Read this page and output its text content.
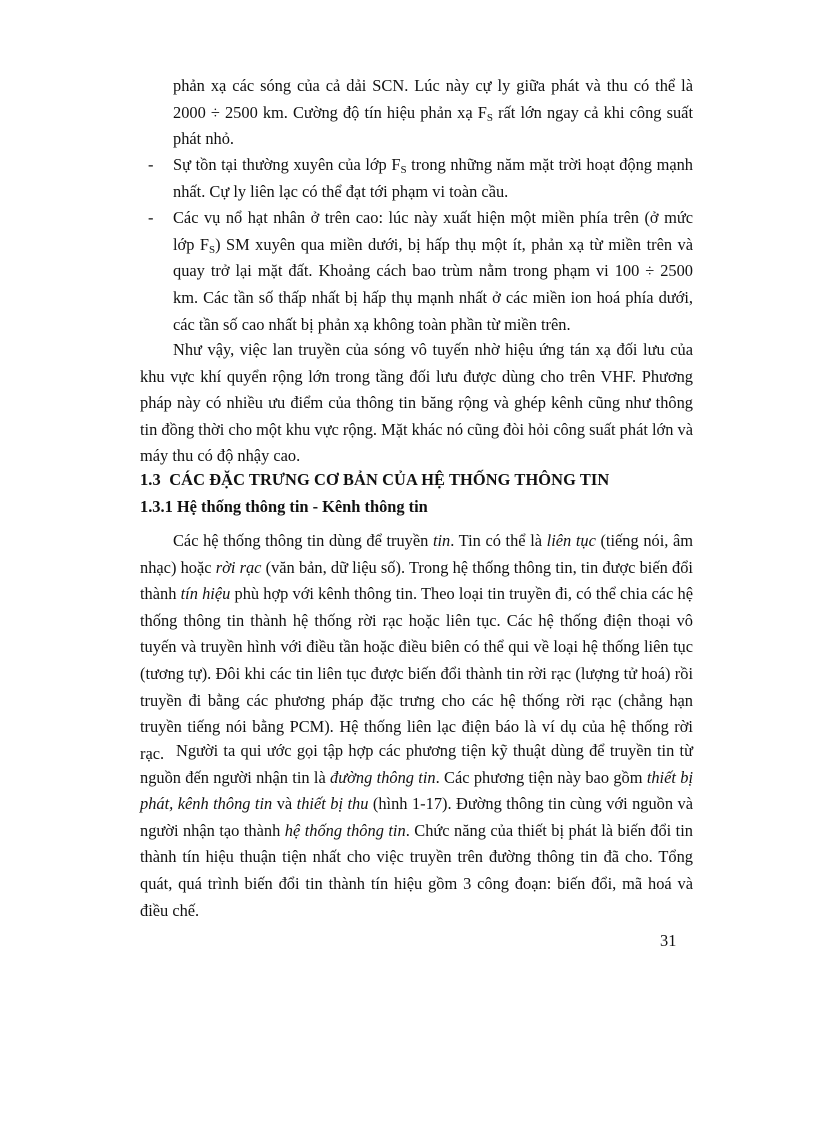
phản xạ các sóng của cả dải SCN. Lúc này cự ly giữa phát và thu có thể là 2000 ÷ 2500 km. Cường độ tín hiệu phản xạ $F_S$ rất lớn ngay cả khi công suất phát nhỏ.

- Sự tồn tại thường xuyên của lớp $F_S$ trong những năm mặt trời hoạt động mạnh nhất. Cự ly liên lạc có thể đạt tới phạm vi toàn cầu.
- Các vụ nổ hạt nhân ở trên cao: lúc này xuất hiện một miền phía trên (ở mức lớp $F_S$) SM xuyên qua miền dưới, bị hấp thụ một ít, phản xạ từ miền trên và quay trở lại mặt đất. Khoảng cách bao trùm nằm trong phạm vi 100 ÷ 2500 km. Các tần số thấp nhất bị hấp thụ mạnh nhất ở các miền ion hoá phía dưới, các tần số cao nhất bị phản xạ không toàn phần từ miền trên.

Như vậy, việc lan truyền của sóng vô tuyến nhờ hiệu ứng tán xạ đối lưu của khu vực khí quyển rộng lớn trong tầng đối lưu được dùng cho trên VHF. Phương pháp này có nhiều ưu điểm của thông tin băng rộng và ghép kênh cũng như thông tin đồng thời cho một khu vực rộng. Mặt khác nó cũng đòi hỏi công suất phát lớn và máy thu có độ nhậy cao.

1.3 CÁC ĐẶC TRƯNG CƠ BẢN CỦA HỆ THỐNG THÔNG TIN
1.3.1 Hệ thống thông tin - Kênh thông tin

Các hệ thống thông tin dùng để truyền tin. Tin có thể là liên tục (tiếng nói, âm nhạc) hoặc rời rạc (văn bản, dữ liệu số). Trong hệ thống thông tin, tin được biến đổi thành tín hiệu phù hợp với kênh thông tin. Theo loại tin truyền đi, có thể chia các hệ thống thông tin thành hệ thống rời rạc hoặc liên tục. Các hệ thống điện thoại vô tuyến và truyền hình với điều tần hoặc điều biên có thể qui về loại hệ thống liên tục (tương tự). Đôi khi các tin liên tục được biến đổi thành tin rời rạc (lượng tử hoá) rồi truyền đi bằng các phương pháp đặc trưng cho các hệ thống rời rạc (chẳng hạn truyền tiếng nói bằng PCM). Hệ thống liên lạc điện báo là ví dụ của hệ thống rời rạc. Người ta qui ước gọi tập hợp các phương tiện kỹ thuật dùng để truyền tin từ nguồn đến người nhận tin là đường thông tin. Các phương tiện này bao gồm thiết bị phát, kênh thông tin và thiết bị thu (hình 1-17). Đường thông tin cùng với nguồn và người nhận tạo thành hệ thống thông tin. Chức năng của thiết bị phát là biến đổi tin thành tín hiệu thuận tiện nhất cho việc truyền trên đường thông tin đã cho. Tổng quát, quá trình biến đổi tin thành tín hiệu gồm 3 công đoạn: biến đổi, mã hoá và điều chế.

31
